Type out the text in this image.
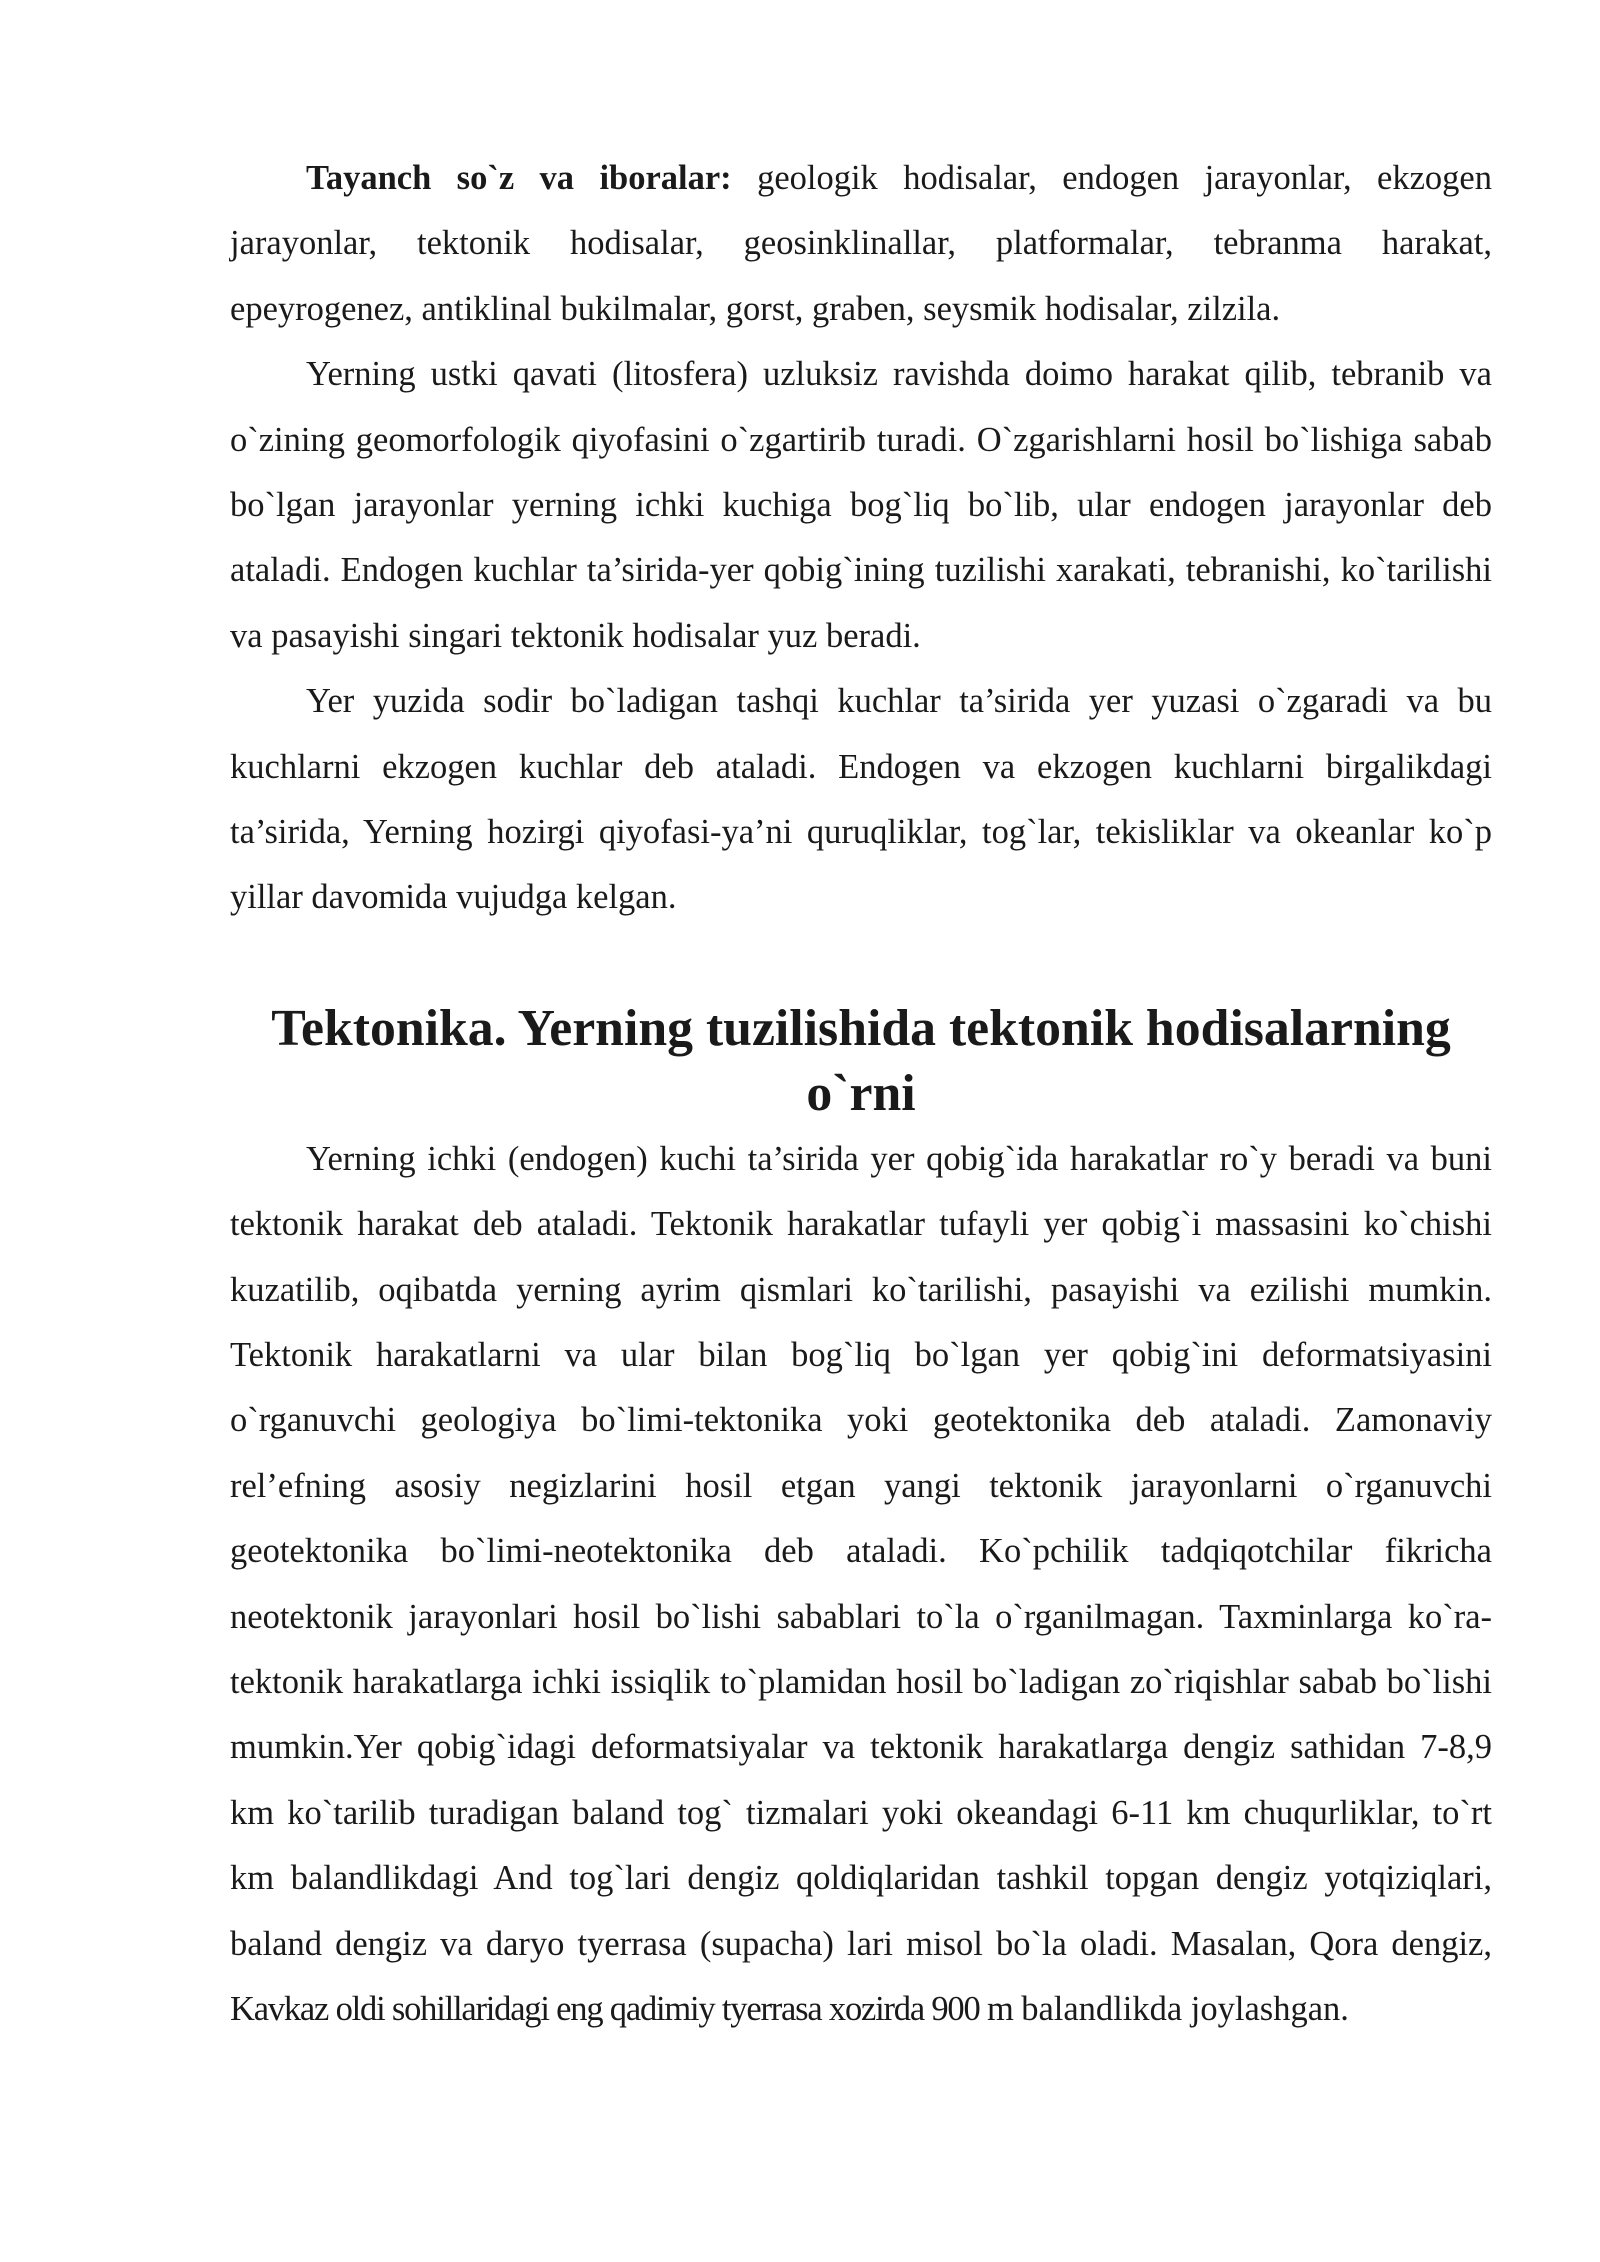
Tayanch so`z va iboralar: geologik hodisalar, endogen jarayonlar, ekzogen jarayonlar, tektonik hodisalar, geosinklinallar, platformalar, tebranma harakat, epeyrogenez, antiklinal bukilmalar, gorst, graben, seysmik hodisalar, zilzila.

Yerning ustki qavati (litosfera) uzluksiz ravishda doimo harakat qilib, tebranib va o`zining geomorfologik qiyofasini o`zgartirib turadi. O`zgarishlarni hosil bo`lishiga sabab bo`lgan jarayonlar yerning ichki kuchiga bog`liq bo`lib, ular endogen jarayonlar deb ataladi. Endogen kuchlar ta’sirida-yer qobig`ining tuzilishi xarakati, tebranishi, ko`tarilishi va pasayishi singari tektonik hodisalar yuz beradi.

Yer yuzida sodir bo`ladigan tashqi kuchlar ta’sirida yer yuzasi o`zgaradi va bu kuchlarni ekzogen kuchlar deb ataladi. Endogen va ekzogen kuchlarni birgalikdagi ta’sirida, Yerning hozirgi qiyofasi-ya’ni quruqliklar, tog`lar, tekisliklar va okeanlar ko`p yillar davomida vujudga kelgan.

Tektonika. Yerning tuzilishida tektonik hodisalarning o`rni

Yerning ichki (endogen) kuchi ta’sirida yer qobig`ida harakatlar ro`y beradi va buni tektonik harakat deb ataladi. Tektonik harakatlar tufayli yer qobig`i massasini ko`chishi kuzatilib, oqibatda yerning ayrim qismlari ko`tarilishi, pasayishi va ezilishi mumkin. Tektonik harakatlarni va ular bilan bog`liq bo`lgan yer qobig`ini deformatsiyasini o`rganuvchi geologiya bo`limi-tektonika yoki geotektonika deb ataladi. Zamonaviy rel’efning asosiy negizlarini hosil etgan yangi tektonik jarayonlarni o`rganuvchi geotektonika bo`limi-neotektonika deb ataladi. Ko`pchilik tadqiqotchilar fikricha neotektonik jarayonlari hosil bo`lishi sabablari to`la o`rganilmagan. Taxminlarga ko`ra-tektonik harakatlarga ichki issiqlik to`plamidan hosil bo`ladigan zo`riqishlar sabab bo`lishi mumkin.Yer qobig`idagi deformatsiyalar va tektonik harakatlarga dengiz sathidan 7-8,9 km ko`tarilib turadigan baland tog` tizmalari yoki okeandagi 6-11 km chuqurliklar, to`rt km balandlikdagi And tog`lari dengiz qoldiqlaridan tashkil topgan dengiz yotqiziqlari, baland dengiz va daryo tyerrasa (supacha) lari misol bo`la oladi. Masalan, Qora dengiz, Kavkaz oldi sohillaridagi eng qadimiy tyerrasa xozirda 900 m balandlikda joylashgan.
